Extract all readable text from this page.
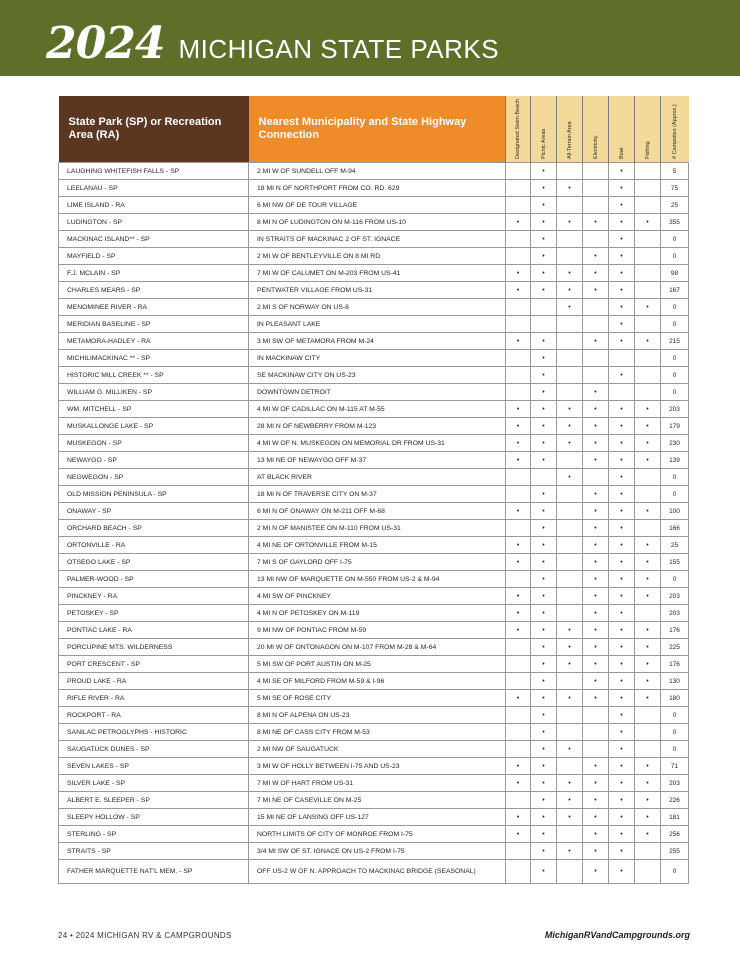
2024 MICHIGAN STATE PARKS
State Park (SP) or Recreation Area (RA)	Nearest Municipality and State Highway Connection	Designated Swim Beach	Picnic Areas	All-Terrain Area	Electricity	Boat	Fishing	# Campsites (Approx.)

LAUGHING WHITEFISH FALLS - SP	2 MI W OF SUNDELL OFF M-94		•			•		5
LEELANAU - SP	18 MI N OF NORTHPORT FROM CO. RD. 629		•	•		•		75
LIME ISLAND - RA	6 MI NW OF DE TOUR VILLAGE		•			•		25
LUDINGTON - SP	8 MI N OF LUDINGTON ON M-116 FROM US-10	•	•	•	•	•	•	355
MACKINAC ISLAND** - SP	IN STRAITS OF MACKINAC 2 OF ST. IGNACE		•			•		0
MAYFIELD - SP	2 MI W OF BENTLEYVILLE ON 8 MI RD.		•		•	•		0
F.J. MCLAIN - SP	7 MI W OF CALUMET ON M-203 FROM US-41	•	•	•	•	•		98
CHARLES MEARS - SP	PENTWATER VILLAGE FROM US-31	•	•	•	•	•		167
MENOMINEE RIVER - RA	2 MI S OF NORWAY ON US-8			•		•	•	0
MERIDIAN BASELINE - SP	IN PLEASANT LAKE					•		0
METAMORA-HADLEY - RA	3 MI SW OF METAMORA FROM M-24	•	•		•	•	•	215
MICHILIMACKINAC ** - SP	IN MACKINAW CITY		•					0
HISTORIC MILL CREEK ** - SP	SE MACKINAW CITY ON US-23		•			•		0
WILLIAM G. MILLIKEN - SP	DOWNTOWN DETROIT		•		•			0
WM. MITCHELL - SP	4 MI W OF CADILLAC ON M-115 AT M-55	•	•	•	•	•	•	203
MUSKALLONGE LAKE - SP	28 MI N OF NEWBERRY FROM M-123	•	•	•	•	•	•	179
MUSKEGON - SP	4 MI W OF N. MUSKEGON ON MEMORIAL DR FROM US-31	•	•	•	•	•	•	230
NEWAYGO - SP	13 MI NE OF NEWAYGO OFF M-37	•	•		•	•	•	139
NEGWEGON - SP	AT BLACK RIVER			•		•		0
OLD MISSION PENINSULA - SP	18 MI N OF TRAVERSE CITY ON M-37		•		•	•		0
ONAWAY - SP	6 MI N OF ONAWAY ON M-211 OFF M-68	•	•		•	•	•	100
ORCHARD BEACH - SP	2 MI N OF MANISTEE ON M-110 FROM US-31		•		•	•		166
ORTONVILLE - RA	4 MI NE OF ORTONVILLE FROM M-15	•	•		•	•	•	25
OTSEGO LAKE - SP	7 MI S OF GAYLORD OFF I-75	•	•		•	•	•	155
PALMER-WOOD - SP	13 MI NW OF MARQUETTE ON M-550 FROM US-2 & M-94		•		•	•	•	0
PINCKNEY - RA	4 MI SW OF PINCKNEY	•	•		•	•	•	203
PETOSKEY - SP	4 MI N OF PETOSKEY ON M-119	•	•		•	•		203
PONTIAC LAKE - RA	9 MI NW OF PONTIAC FROM M-59	•	•	•	•	•	•	176
PORCUPINE MTS. WILDERNESS	20 MI W OF ONTONAGON ON M-107 FROM M-28 & M-64		•	•	•	•	•	225
PORT CRESCENT - SP	5 MI SW OF PORT AUSTIN ON M-25		•	•	•	•	•	176
PROUD LAKE - RA	4 MI SE OF MILFORD FROM M-59 & I-96		•		•	•	•	130
RIFLE RIVER - RA	5 MI SE OF ROSE CITY	•	•	•	•	•	•	180
ROCKPORT - RA	8 MI N OF ALPENA ON US-23		•			•		0
SANILAC PETROGLYPHS - HISTORIC	8 MI NE OF CASS CITY FROM M-53		•			•		0
SAUGATUCK DUNES - SP	2 MI NW OF SAUGATUCK		•	•		•		0
SEVEN LAKES - SP	3 MI W OF HOLLY BETWEEN I-75 AND US-23	•	•		•	•	•	71
SILVER LAKE - SP	7 MI W OF HART FROM US-31	•	•	•	•	•	•	203
ALBERT E. SLEEPER - SP	7 MI NE OF CASEVILLE ON M-25		•	•	•	•	•	226
SLEEPY HOLLOW - SP	15 MI NE OF LANSING OFF US-127	•	•	•	•	•	•	181
STERLING - SP	NORTH LIMITS OF CITY OF MONROE FROM I-75	•	•		•	•	•	256
STRAITS - SP	3/4 MI SW OF ST. IGNACE ON US-2 FROM I-75		•	•	•	•		255
FATHER MARQUETTE NAT'L MEM. - SP	OFF US-2 W OF N. APPROACH TO MACKINAC BRIDGE (SEASONAL)		•		•	•		0
24 • 2024 MICHIGAN RV & CAMPGROUNDS	MichiganRVandCampgrounds.org
